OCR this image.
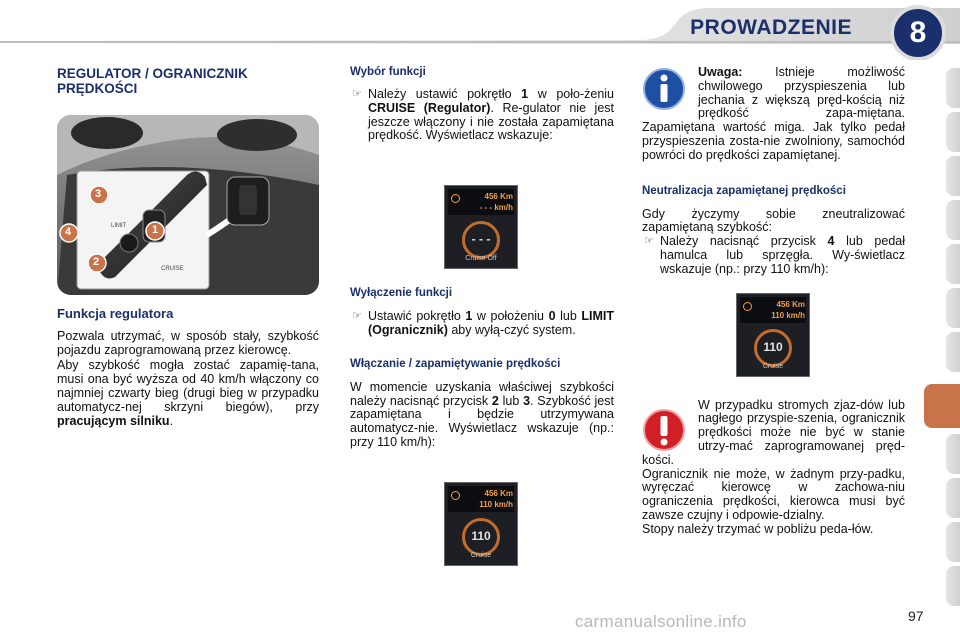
PROWADZENIE	8
REGULATOR / OGRANICZNIK PRĘDKOŚCI
LIMIT
CRUISE
3
4	1
2
Funkcja regulatora

Pozwala utrzymać, w sposób stały, szybkość pojazdu zaprogramowaną przez kierowcę.

Aby szybkość mogła zostać zapamię-tana, musi ona być wyższa od 40 km/h włączony co najmniej czwarty bieg (drugi bieg w przypadku automatycz-nej skrzyni biegów), przy pracującym silniku.

Wybór funkcji
☞ Należy ustawić pokrętło 1 w poło-żeniu CRUISE (Regulator). Re-gulator nie jest jeszcze włączony i nie została zapamiętana prędkość. Wyświetlacz wskazuje:
456 Km
- - - km/h
- - -
Cruise Off
Wyłączenie funkcji
☞ Ustawić pokrętło 1 w położeniu 0 lub LIMIT (Ogranicznik) aby wyłą-czyć system.
Włączanie / zapamiętywanie prędkości

W momencie uzyskania właściwej szybkości należy nacisnąć przycisk 2 lub 3. Szybkość jest zapamiętana i będzie utrzymywana automatycz-nie. Wyświetlacz wskazuje (np.: przy 110 km/h):

456 Km
110 km/h
110
Cruise

Uwaga: Istnieje możliwość chwilowego przyspieszenia lub jechania z większą pręd-kością niż prędkość zapa-miętana. Zapamiętana wartość miga. Jak tylko pedał przyspieszenia zosta-nie zwolniony, samochód powróci do prędkości zapamiętanej.

Neutralizacja zapamiętanej prędkości

Gdy życzymy sobie zneutralizować zapamiętaną szybkość:

☞ Należy nacisnąć przycisk 4 lub pedał hamulca lub sprzęgła. Wy-świetlacz wskazuje (np.: przy 110 km/h):
456 Km
110 km/h
110
Cruise

W przypadku stromych zjaz-dów lub nagłego przyspie-szenia, ogranicznik prędkości może nie być w stanie utrzy-mać zaprogramowanej pręd-kości.

Ogranicznik nie może, w żadnym przy-padku, wyręczać kierowcę w zachowa-niu ograniczenia prędkości, kierowca musi być zawsze czujny i odpowie-dzialny.

Stopy należy trzymać w pobliżu peda-łów.

carmanualsonline.info	97
